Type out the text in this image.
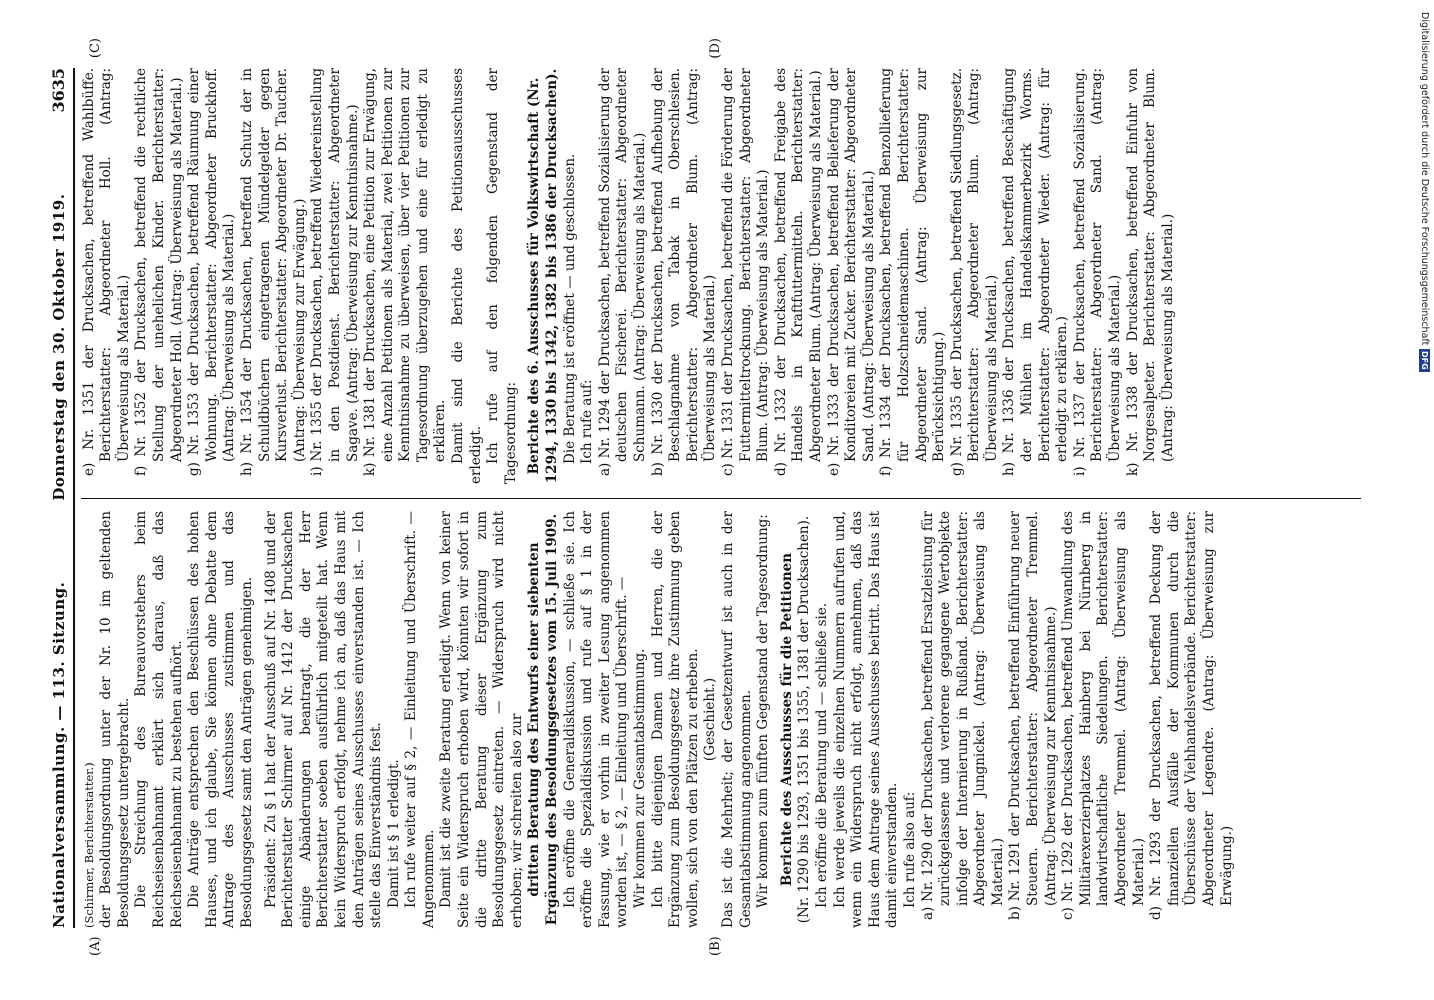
Nationalversammlung. — 113. Sitzung.
Donnerstag den 30. Oktober 1919.
3635
(A)	(B)
(C)	(D)

(Schirmer, Berichterstatter.) der Besoldungsordnung unter der Nr. 10 im geltenden Besoldungsgesetz untergebracht. Die Streichung des Bureauvorstehers beim Reichseisenbahnamt erklärt sich daraus, daß das Reichseisenbahnamt zu bestehen aufhört. Die Anträge entsprechen den Beschlüssen des hohen Hauses, und ich glaube, Sie können ohne Debatte dem Antrage des Ausschusses zustimmen und das Besoldungsgesetz samt den Anträgen genehmigen. Präsident: Zu § 1 hat der Ausschuß auf Nr. 1408 und der Berichterstatter Schirmer auf Nr. 1412 der Drucksachen einige Abänderungen beantragt, die der Herr Berichterstatter soeben ausführlich mitgeteilt hat. Wenn kein Widerspruch erfolgt, nehme ich an, daß das Haus mit den Anträgen seines Ausschusses einverstanden ist. — Ich stelle das Einverständnis fest. Damit ist § 1 erledigt. Ich rufe weiter auf § 2, — Einleitung und Überschrift. — Angenommen. Damit ist die zweite Beratung erledigt. Wenn von keiner Seite ein Widerspruch erhoben wird, könnten wir sofort in die dritte Beratung dieser Ergänzung zum Besoldungsgesetz eintreten. — Widerspruch wird nicht erhoben; wir schreiten also zur dritten Beratung des Entwurfs einer siebenten Ergänzung des Besoldungsgesetzes vom 15. Juli 1909. Ich eröffne die Generaldiskussion, — schließe sie. Ich eröffne die Spezialdiskussion und rufe auf § 1 in der Fassung, wie er vorhin in zweiter Lesung angenommen worden ist, — § 2, — Einleitung und Überschrift. — Wir kommen zur Gesamtabstimmung. Ich bitte diejenigen Damen und Herren, die der Ergänzung zum Besoldungsgesetz ihre Zustimmung geben wollen, sich von den Plätzen zu erheben. (Geschieht.) Das ist die Mehrheit; der Gesetzentwurf ist auch in der Gesamtabstimmung angenommen. Wir kommen zum fünften Gegenstand der Tagesordnung: Berichte des Ausschusses für die Petitionen (Nr. 1290 bis 1293, 1351 bis 1355, 1381 der Drucksachen). Ich eröffne die Beratung und — schließe sie. Ich werde jeweils die einzelnen Nummern aufrufen und, wenn ein Widerspruch nicht erfolgt, annehmen, daß das Haus dem Antrage seines Ausschusses beitritt. Das Haus ist damit einverstanden. Ich rufe also auf: a) Nr. 1290 der Drucksachen, betreffend Ersatzleistung für zurückgelassene und verlorene gegangene Wertobjekte infolge der Internierung in Rußland. Berichterstatter: Abgeordneter Jungnickel. (Antrag: Überweisung als Material.) b) Nr. 1291 der Drucksachen, betreffend Einführung neuer Steuern. Berichterstatter: Abgeordneter Tremmel. (Antrag: Überweisung zur Kenntnisnahme.) c) Nr. 1292 der Drucksachen, betreffend Umwandlung des Militärexerzierplatzes Hainberg bei Nürnberg in landwirtschaftliche Siedelungen. Berichterstatter: Abgeordneter Tremmel. (Antrag: Überweisung als Material.) d) Nr. 1293 der Drucksachen, betreffend Deckung der finanziellen Ausfälle der Kommunen durch die Überschüsse der Viehhandelsverbände. Berichterstatter: Abgeordneter Legendre. (Antrag: Überweisung zur Erwägung.)

e) Nr. 1351 der Drucksachen, betreffend Wahlbüffe. Berichterstatter: Abgeordneter Holl. (Antrag: Überweisung als Material.) f) Nr. 1352 der Drucksachen, betreffend die rechtliche Stellung der unehelichen Kinder. Berichterstatter: Abgeordneter Holl. (Antrag: Überweisung als Material.) g) Nr. 1353 der Drucksachen, betreffend Räumung einer Wohnung. Berichterstatter: Abgeordneter Bruckhoff. (Antrag: Überweisung als Material.) h) Nr. 1354 der Drucksachen, betreffend Schutz der in Schuldbüchern eingetragenen Mündelgelder gegen Kursverlust. Berichterstatter: Abgeordneter Dr. Taucher. (Antrag: Überweisung zur Erwägung.) i) Nr. 1355 der Drucksachen, betreffend Wiedereinstellung in den Postdienst. Berichterstatter: Abgeordneter Sagave. (Antrag: Überweisung zur Kenntnisnahme.) k) Nr. 1381 der Drucksachen, eine Petition zur Erwägung, eine Anzahl Petitionen als Material, zwei Petitionen zur Kenntnisnahme zu überweisen, über vier Petitionen zur Tagesordnung überzugehen und eine für erledigt zu erklären. Damit sind die Berichte des Petitionsausschusses erledigt. Ich rufe auf den folgenden Gegenstand der Tagesordnung: Berichte des 6. Ausschusses für Volkswirtschaft (Nr. 1294, 1330 bis 1342, 1382 bis 1386 der Drucksachen). Die Beratung ist eröffnet — und geschlossen. Ich rufe auf: a) Nr. 1294 der Drucksachen, betreffend Sozialisierung der deutschen Fischerei. Berichterstatter: Abgeordneter Schumann. (Antrag: Überweisung als Material.) b) Nr. 1330 der Drucksachen, betreffend Aufhebung der Beschlagnahme von Tabak in Oberschlesien. Berichterstatter: Abgeordneter Blum. (Antrag: Überweisung als Material.) c) Nr. 1331 der Drucksachen, betreffend die Förderung der Futtermitteltrocknung. Berichterstatter: Abgeordneter Blum. (Antrag: Überweisung als Material.) d) Nr. 1332 der Drucksachen, betreffend Freigabe des Handels in Kraftfuttermitteln. Berichterstatter: Abgeordneter Blum. (Antrag: Überweisung als Material.) e) Nr. 1333 der Drucksachen, betreffend Belieferung der Konditoreien mit Zucker. Berichterstatter: Abgeordneter Sand. (Antrag: Überweisung als Material.) f) Nr. 1334 der Drucksachen, betreffend Benzollieferung für Holzschneidemaschinen. Berichterstatter: Abgeordneter Sand. (Antrag: Überweisung zur Berücksichtigung.) g) Nr. 1335 der Drucksachen, betreffend Siedlungsgesetz. Berichterstatter: Abgeordneter Blum. (Antrag: Überweisung als Material.) h) Nr. 1336 der Drucksachen, betreffend Beschäftigung der Mühlen im Handelskammerbezirk Worms. Berichterstatter: Abgeordneter Wieder. (Antrag: für erledigt zu erklären.) i) Nr. 1337 der Drucksachen, betreffend Sozialisierung. Berichterstatter: Abgeordneter Sand. (Antrag: Überweisung als Material.) k) Nr. 1338 der Drucksachen, betreffend Einfuhr von Norgesalpeter. Berichterstatter: Abgeordneter Blum. (Antrag: Überweisung als Material.)	Digitalisierung gefördert durch die Deutsche Forschungsgemeinschaft
DFG
